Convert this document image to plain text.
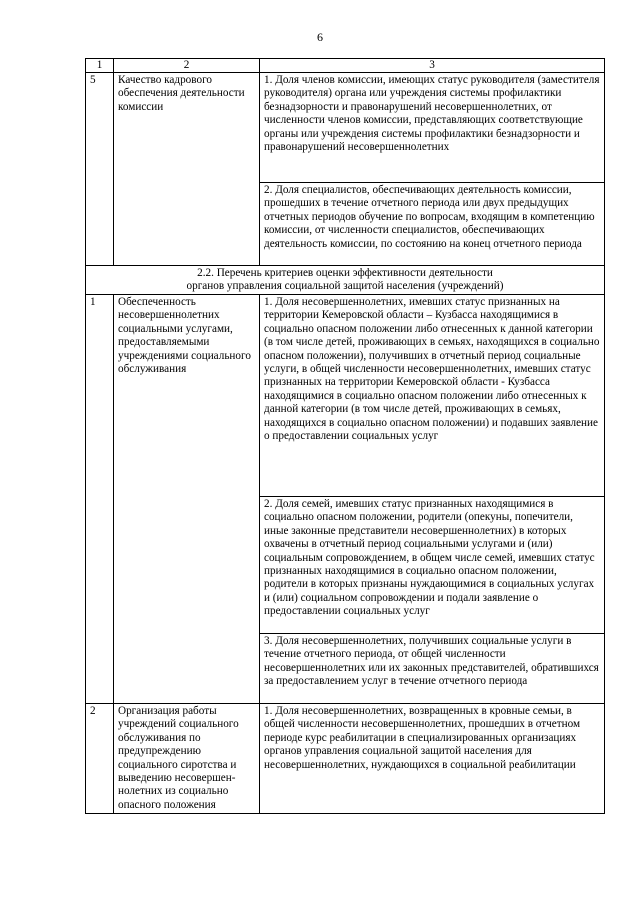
6
1	2	3
5	Качество кадрового обеспечения деятельности комиссии	1. Доля членов комиссии, имеющих статус руководителя (заместителя руководителя) органа или учреждения системы профилактики безнадзорности и правонарушений несовершеннолетних, от численности членов комиссии, представляющих соответствующие органы или учреждения системы профилактики безнадзорности и правонарушений несовершеннолетних
		2. Доля специалистов, обеспечивающих деятельность комиссии, прошедших в течение отчетного периода или двух предыдущих отчетных периодов обучение по вопросам, входящим в компетенцию комиссии, от численности специалистов, обеспечивающих деятельность комиссии, по состоянию на конец отчетного периода

2.2. Перечень критериев оценки эффективности деятельности
органов управления социальной защитой населения (учреждений)		

1	Обеспеченность несовершеннолетних социальными услугами, предоставляемыми учреждениями социального обслуживания	1. Доля несовершеннолетних, имевших статус признанных на территории Кемеровской области – Кузбасса находящимися в социально опасном положении либо отнесенных к данной категории (в том числе детей, проживающих в семьях, находящихся в социально опасном положении), получивших в отчетный период социальные услуги, в общей численности несовершеннолетних, имевших статус признанных на территории Кемеровской области - Кузбасса находящимися в социально опасном положении либо отнесенных к данной категории (в том числе детей, проживающих в семьях, находящихся в социально опасном положении) и подавших заявление о предоставлении социальных услуг
		2. Доля семей, имевших статус признанных находящимися в социально опасном положении, родители (опекуны, попечители, иные законные представители несовершеннолетних) в которых охвачены в отчетный период социальными услугами и (или) социальным сопровождением, в общем числе семей, имевших статус признанных находящимися в социально опасном положении, родители в которых признаны нуждающимися в социальных услугах и (или) социальном сопровождении и подали заявление о предоставлении социальных услуг
		3. Доля несовершеннолетних, получивших социальные услуги в течение отчетного периода, от общей численности несовершеннолетних или их законных представителей, обратившихся за предоставлением услуг в течение отчетного периода
2	Организация работы учреждений социального обслуживания по предупреждению социального сиротства и выведению несовершен-нолетних из социально опасного положения	1. Доля несовершеннолетних, возвращенных в кровные семьи, в общей численности несовершеннолетних, прошедших в отчетном периоде курс реабилитации в специализированных организациях органов управления социальной защитой населения для несовершеннолетних, нуждающихся в социальной реабилитации
